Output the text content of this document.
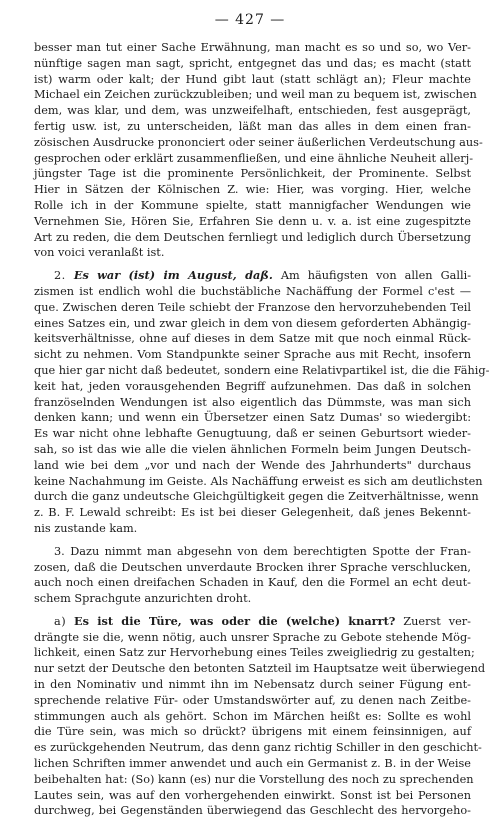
— 427 —
besser man tut einer Sache Erwähnung, man macht es so und so, wo Ver-
nünftige sagen man sagt, spricht, entgegnet das und das; es macht (statt
ist) warm oder kalt; der Hund gibt laut (statt schlägt an); Fleur machte
Michael ein Zeichen zurückzubleiben; und weil man zu bequem ist, zwischen
dem, was klar, und dem, was unzweifelhaft, entschieden, fest ausgeprägt,
fertig usw. ist, zu unterscheiden, läßt man das alles in dem einen fran-
zösischen Ausdrucke prononciert oder seiner äußerlichen Verdeutschung aus-
gesprochen oder erklärt zusammenfließen, und eine ähnliche Neuheit allerj-
jüngster Tage ist die prominente Persönlichkeit, der Prominente. Selbst
Hier in Sätzen der Kölnischen Z. wie: Hier, was vorging. Hier, welche
Rolle ich in der Kommune spielte, statt mannigfacher Wendungen wie
Vernehmen Sie, Hören Sie, Erfahren Sie denn u. v. a. ist eine zugespitzte
Art zu reden, die dem Deutschen fernliegt und lediglich durch Übersetzung
von voici veranlaßt ist.
2. Es war (ist) im August, daß. Am häufigsten von allen Galli-
zismen ist endlich wohl die buchstäbliche Nachäffung der Formel c'est —
que. Zwischen deren Teile schiebt der Franzose den hervorzuhebenden Teil
eines Satzes ein, und zwar gleich in dem von diesem geforderten Abhängig-
keitsverhältnisse, ohne auf dieses in dem Satze mit que noch einmal Rück-
sicht zu nehmen. Vom Standpunkte seiner Sprache aus mit Recht, insofern
que hier gar nicht daß bedeutet, sondern eine Relativpartikel ist, die die Fähig-
keit hat, jeden vorausgehenden Begriff aufzunehmen. Das daß in solchen
französelnden Wendungen ist also eigentlich das Dümmste, was man sich
denken kann; und wenn ein Übersetzer einen Satz Dumas' so wiedergibt:
Es war nicht ohne lebhafte Genugtuung, daß er seinen Geburtsort wieder-
sah, so ist das wie alle die vielen ähnlichen Formeln beim Jungen Deutsch-
land wie bei dem „vor und nach der Wende des Jahrhunderts" durchaus
keine Nachahmung im Geiste. Als Nachäffung erweist es sich am deutlichsten
durch die ganz undeutsche Gleichgültigkeit gegen die Zeitverhältnisse, wenn
z. B. F. Lewald schreibt: Es ist bei dieser Gelegenheit, daß jenes Bekennt-
nis zustande kam.
3. Dazu nimmt man abgesehn von dem berechtigten Spotte der Fran-
zosen, daß die Deutschen unverdaute Brocken ihrer Sprache verschlucken,
auch noch einen dreifachen Schaden in Kauf, den die Formel an echt deut-
schem Sprachgute anzurichten droht.
a) Es ist die Türe, was oder die (welche) knarrt? Zuerst ver-
drängte sie die, wenn nötig, auch unsrer Sprache zu Gebote stehende Mög-
lichkeit, einen Satz zur Hervorhebung eines Teiles zweigliedrig zu gestalten;
nur setzt der Deutsche den betonten Satzteil im Hauptsatze weit überwiegend
in den Nominativ und nimmt ihn im Nebensatz durch seiner Fügung ent-
sprechende relative Für- oder Umstandswörter auf, zu denen nach Zeitbe-
stimmungen auch als gehört. Schon im Märchen heißt es: Sollte es wohl
die Türe sein, was mich so drückt? übrigens mit einem feinsinnigen, auf
es zurückgehenden Neutrum, das denn ganz richtig Schiller in den geschicht-
lichen Schriften immer anwendet und auch ein Germanist z. B. in der Weise
beibehalten hat: (So) kann (es) nur die Vorstellung des noch zu sprechenden
Lautes sein, was auf den vorhergehenden einwirkt. Sonst ist bei Personen
durchweg, bei Gegenständen überwiegend das Geschlecht des hervorgeho-
